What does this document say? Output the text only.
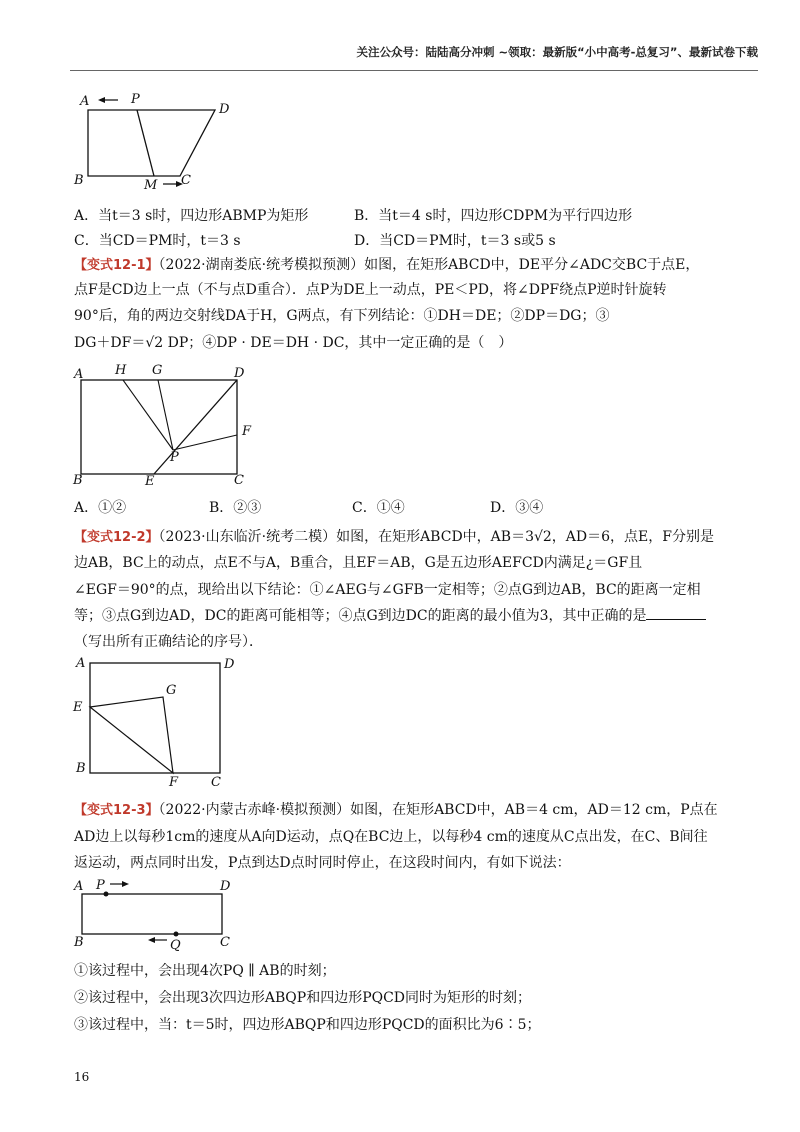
关注公众号：陆陆高分冲刺 ~领取：最新版“小中高考-总复习”、最新试卷下载
A	P
D
B	M C
A．当t＝3 s时，四边形ABMP为矩形	B．当t＝4 s时，四边形CDPM为平行四边形
C．当CD＝PM时，t＝3 s	D．当CD＝PM时，t＝3 s或5 s
【变式12-1】（2022·湖南娄底·统考模拟预测）如图，在矩形ABCD中，DE平分∠ADC交BC于点E，
点F是CD边上一点（不与点D重合）．点P为DE上一动点，PE＜PD，将∠DPF绕点P逆时针旋转
90°后，角的两边交射线DA于H，G两点，有下列结论：①DH＝DE；②DP＝DG；③
DG＋DF＝√2 DP；④DP · DE＝DH · DC，其中一定正确的是（　）
A H G	D
F
P
B	E	C
A．①②	B．②③	C．①④	D．③④
【变式12-2】（2023·山东临沂·统考二模）如图，在矩形ABCD中，AB＝3√2，AD＝6，点E，F分别是
边AB，BC上的动点，点E不与A，B重合，且EF＝AB，G是五边形AEFCD内满足¿＝GF且
∠EGF＝90°的点，现给出以下结论：①∠AEG与∠GFB一定相等；②点G到边AB，BC的距离一定相
等；③点G到边AD，DC的距离可能相等；④点G到边DC的距离的最小值为3，其中正确的是
（写出所有正确结论的序号）．
A	D
G
E
B
F	C
【变式12-3】（2022·内蒙古赤峰·模拟预测）如图，在矩形ABCD中，AB＝4 cm，AD＝12 cm，P点在
AD边上以每秒1cm的速度从A向D运动，点Q在BC边上，以每秒4 cm的速度从C点出发，在C、B间往
返运动，两点同时出发，P点到达D点时同时停止，在这段时间内，有如下说法：
A P	D
B	Q	C
①该过程中，会出现4次PQ ∥ AB的时刻；
②该过程中，会出现3次四边形ABQP和四边形PQCD同时为矩形的时刻；
③该过程中，当：t＝5时，四边形ABQP和四边形PQCD的面积比为6∶5；
16
